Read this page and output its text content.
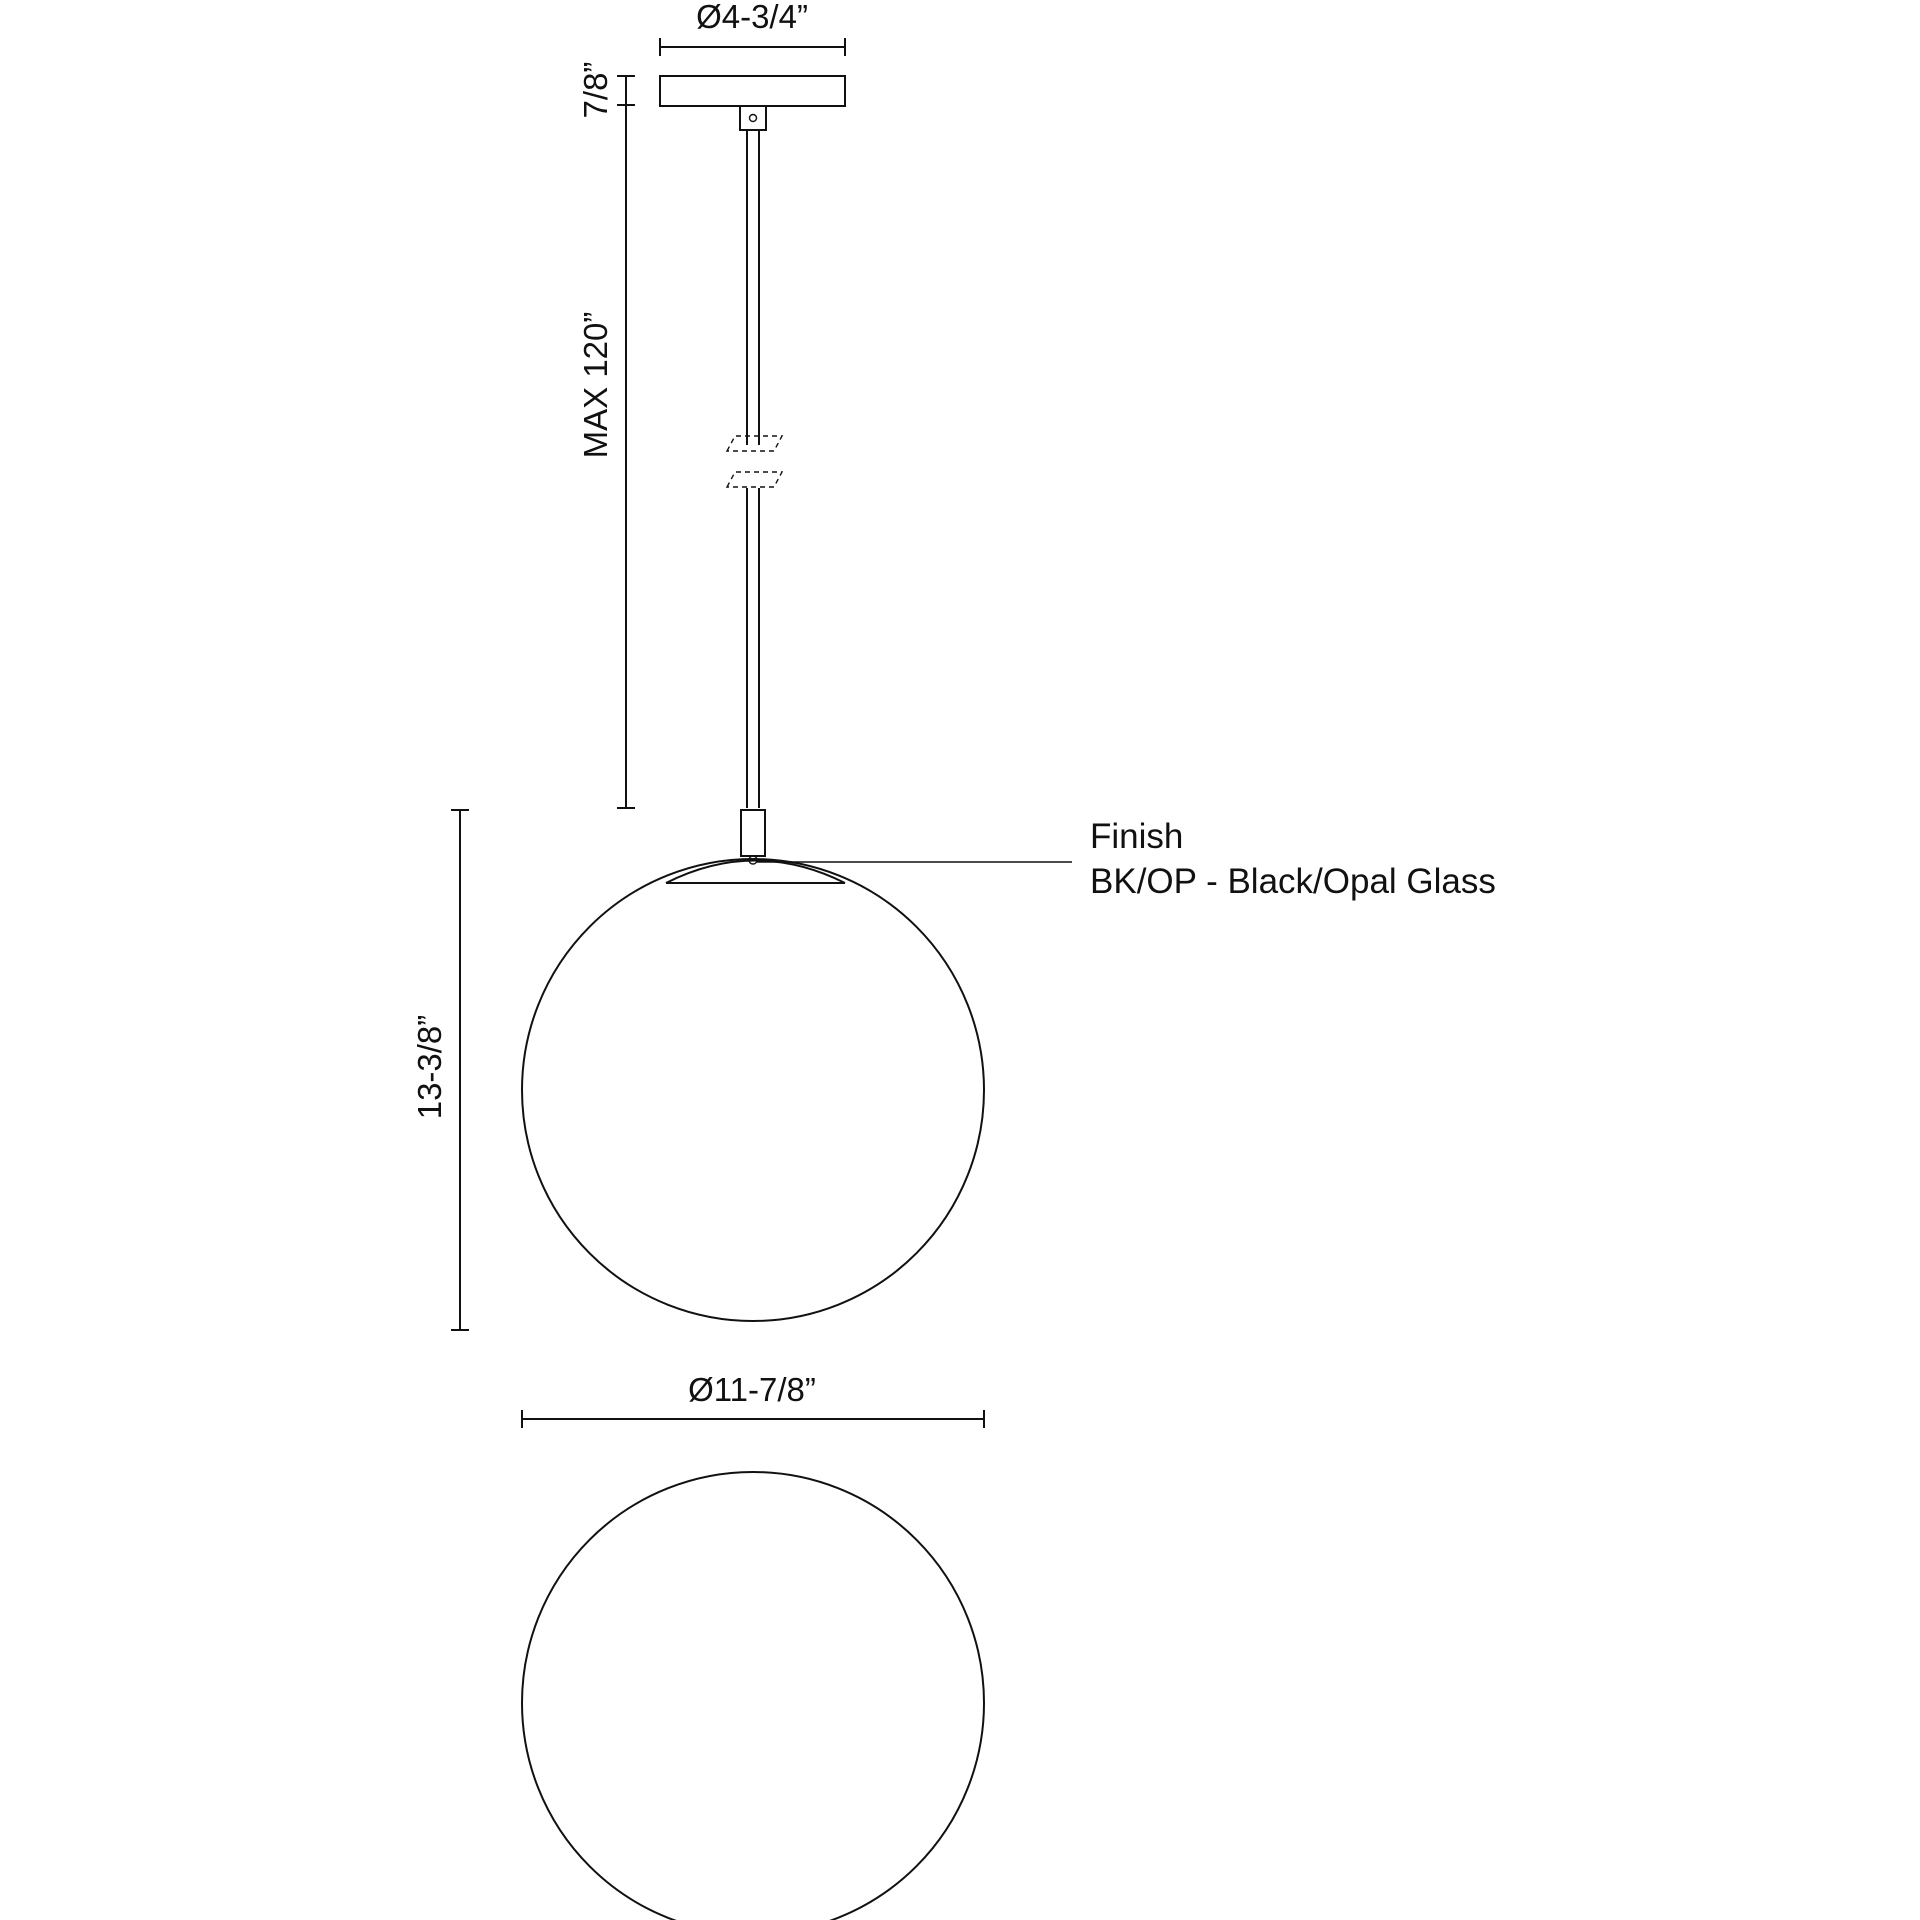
Ø4-3/4”
7/8”
MAX 120”
13-3/8”
Finish
BK/OP - Black/Opal Glass
Ø11-7/8”
